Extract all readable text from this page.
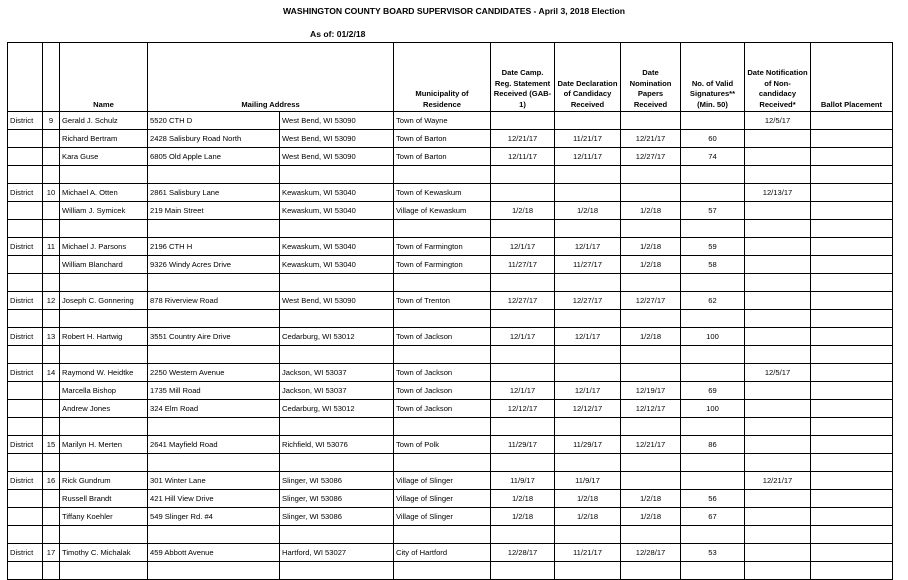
WASHINGTON COUNTY BOARD SUPERVISOR CANDIDATES - April 3, 2018 Election
As of: 01/2/18
		Name	Mailing Address		Municipality of Residence	Date Camp. Reg. Statement Received (GAB-1)	Date Declaration of Candidacy Received	Date Nomination Papers Received	No. of Valid Signatures** (Min. 50)	Date Notification of Non-candidacy Received*	Ballot Placement
District	9	Gerald J. Schulz	5520 CTH D	West Bend, WI 53090	Town of Wayne					12/5/17	
		Richard Bertram	2428 Salisbury Road North	West Bend, WI 53090	Town of Barton	12/21/17	11/21/17	12/21/17	60		
		Kara Guse	6805 Old Apple Lane	West Bend, WI 53090	Town of Barton	12/11/17	12/11/17	12/27/17	74		

District	10	Michael A. Otten	2861 Salisbury Lane	Kewaskum, WI 53040	Town of Kewaskum					12/13/17	
		William J. Symicek	219 Main Street	Kewaskum, WI 53040	Village of Kewaskum	1/2/18	1/2/18	1/2/18	57		

District	11	Michael J. Parsons	2196 CTH H	Kewaskum, WI 53040	Town of Farmington	12/1/17	12/1/17	1/2/18	59		
		William Blanchard	9326 Windy Acres Drive	Kewaskum, WI 53040	Town of Farmington	11/27/17	11/27/17	1/2/18	58		

District	12	Joseph C. Gonnering	878 Riverview Road	West Bend, WI 53090	Town of Trenton	12/27/17	12/27/17	12/27/17	62		

District	13	Robert H. Hartwig	3551 Country Aire Drive	Cedarburg, WI 53012	Town of Jackson	12/1/17	12/1/17	1/2/18	100		

District	14	Raymond W. Heidtke	2250 Western Avenue	Jackson, WI 53037	Town of Jackson					12/5/17	
		Marcella Bishop	1735 Mill Road	Jackson, WI 53037	Town of Jackson	12/1/17	12/1/17	12/19/17	69		
		Andrew Jones	324 Elm Road	Cedarburg, WI 53012	Town of Jackson	12/12/17	12/12/17	12/12/17	100		

District	15	Marilyn H. Merten	2641 Mayfield Road	Richfield, WI 53076	Town of Polk	11/29/17	11/29/17	12/21/17	86		

District	16	Rick Gundrum	301 Winter Lane	Slinger, WI 53086	Village of Slinger	11/9/17	11/9/17			12/21/17	
		Russell Brandt	421 Hill View Drive	Slinger, WI 53086	Village of Slinger	1/2/18	1/2/18	1/2/18	56		
		Tiffany Koehler	549 Slinger Rd. #4	Slinger, WI 53086	Village of Slinger	1/2/18	1/2/18	1/2/18	67		

District	17	Timothy C. Michalak	459 Abbott Avenue	Hartford, WI 53027	City of Hartford	12/28/17	11/21/17	12/28/17	53		
